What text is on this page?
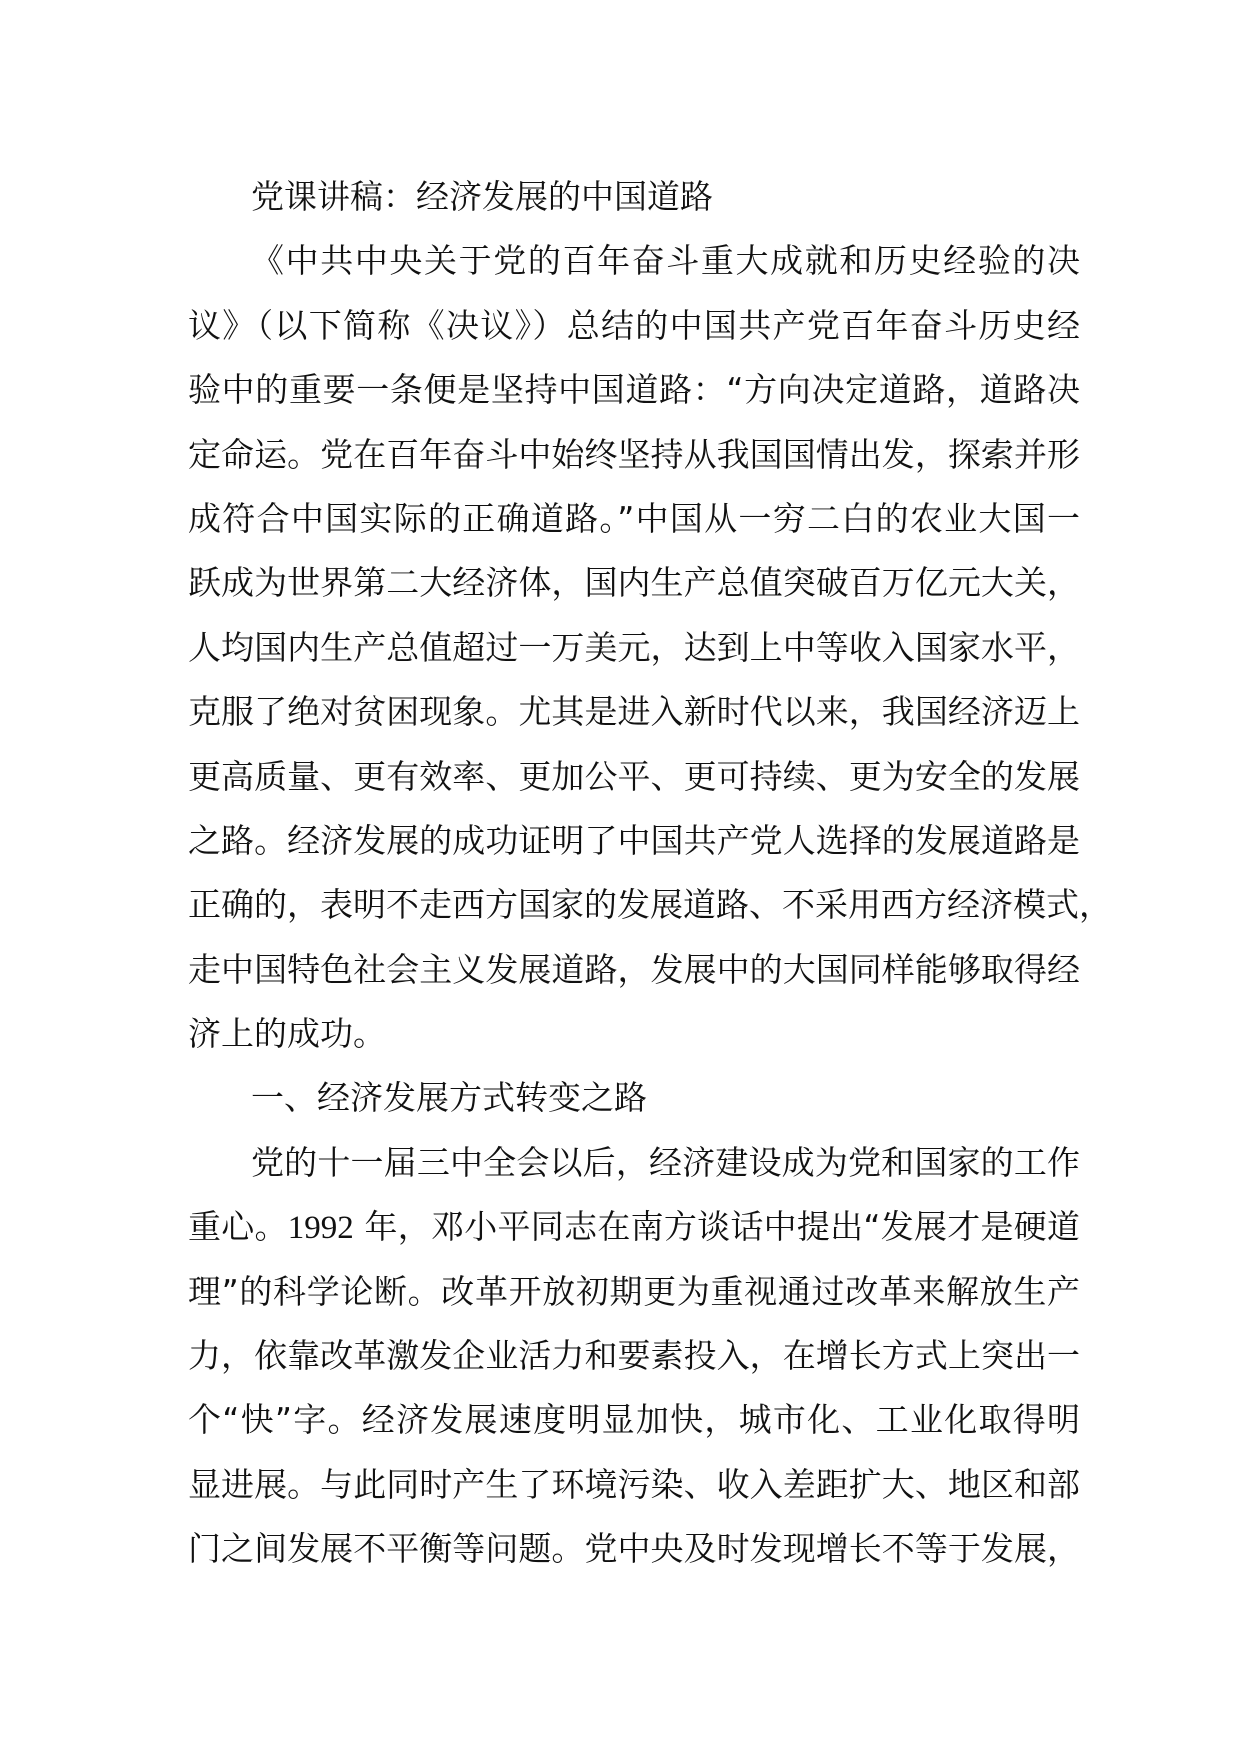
党课讲稿：经济发展的中国道路
《中共中央关于党的百年奋斗重大成就和历史经验的决
议》（以下简称《决议》）总结的中国共产党百年奋斗历史经
验中的重要一条便是坚持中国道路：“方向决定道路，道路决
定命运。党在百年奋斗中始终坚持从我国国情出发，探索并形
成符合中国实际的正确道路。”中国从一穷二白的农业大国一
跃成为世界第二大经济体，国内生产总值突破百万亿元大关，
人均国内生产总值超过一万美元，达到上中等收入国家水平，
克服了绝对贫困现象。尤其是进入新时代以来，我国经济迈上
更高质量、更有效率、更加公平、更可持续、更为安全的发展
之路。经济发展的成功证明了中国共产党人选择的发展道路是
正确的，表明不走西方国家的发展道路、不采用西方经济模式，
走中国特色社会主义发展道路，发展中的大国同样能够取得经
济上的成功。
一、经济发展方式转变之路
党的十一届三中全会以后，经济建设成为党和国家的工作
重心。1992 年，邓小平同志在南方谈话中提出“发展才是硬道
理”的科学论断。改革开放初期更为重视通过改革来解放生产
力，依靠改革激发企业活力和要素投入，在增长方式上突出一
个“快”字。经济发展速度明显加快，城市化、工业化取得明
显进展。与此同时产生了环境污染、收入差距扩大、地区和部
门之间发展不平衡等问题。党中央及时发现增长不等于发展，
